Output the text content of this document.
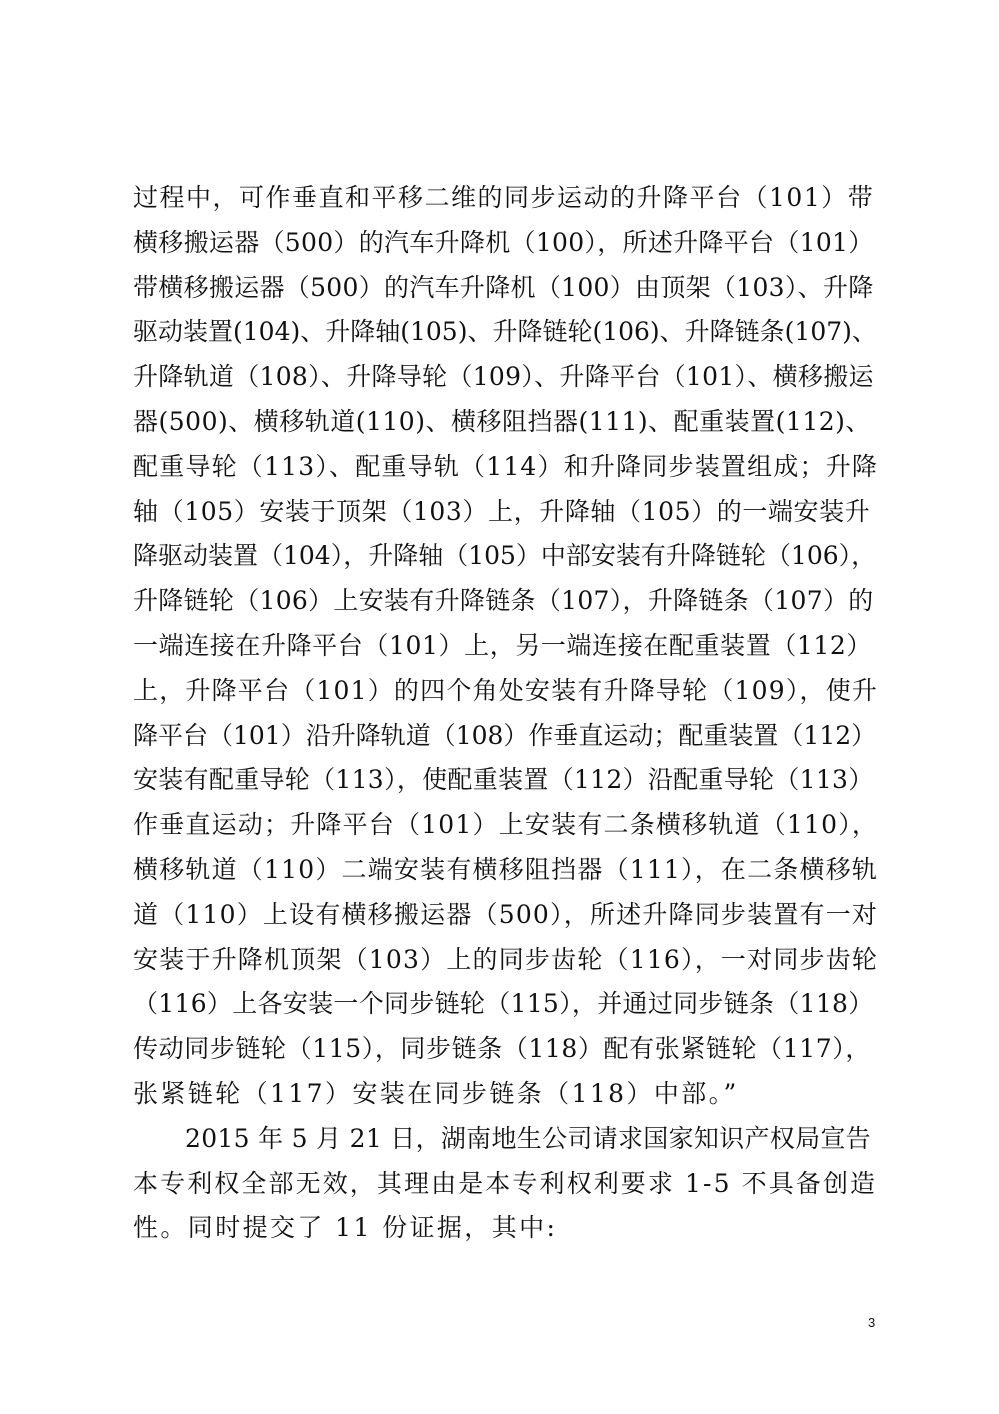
过程中，可作垂直和平移二维的同步运动的升降平台（101）带
横移搬运器（500）的汽车升降机（100），所述升降平台（101）
带横移搬运器（500）的汽车升降机（100）由顶架（103）、升降
驱动装置(104)、升降轴(105)、升降链轮(106)、升降链条(107)、
升降轨道（108）、升降导轮（109）、升降平台（101）、横移搬运
器(500)、横移轨道(110)、横移阻挡器(111)、配重装置(112)、
配重导轮（113）、配重导轨（114）和升降同步装置组成；升降
轴（105）安装于顶架（103）上，升降轴（105）的一端安装升
降驱动装置（104），升降轴（105）中部安装有升降链轮（106），
升降链轮（106）上安装有升降链条（107），升降链条（107）的
一端连接在升降平台（101）上，另一端连接在配重装置（112）
上，升降平台（101）的四个角处安装有升降导轮（109），使升
降平台（101）沿升降轨道（108）作垂直运动；配重装置（112）
安装有配重导轮（113），使配重装置（112）沿配重导轮（113）
作垂直运动；升降平台（101）上安装有二条横移轨道（110），
横移轨道（110）二端安装有横移阻挡器（111），在二条横移轨
道（110）上设有横移搬运器（500），所述升降同步装置有一对
安装于升降机顶架（103）上的同步齿轮（116），一对同步齿轮
（116）上各安装一个同步链轮（115），并通过同步链条（118）
传动同步链轮（115），同步链条（118）配有张紧链轮（117），
张紧链轮（117）安装在同步链条（118）中部。”
2015 年 5 月 21 日，湖南地生公司请求国家知识产权局宣告
本专利权全部无效，其理由是本专利权利要求 1-5 不具备创造
性。同时提交了 11 份证据，其中:
3
